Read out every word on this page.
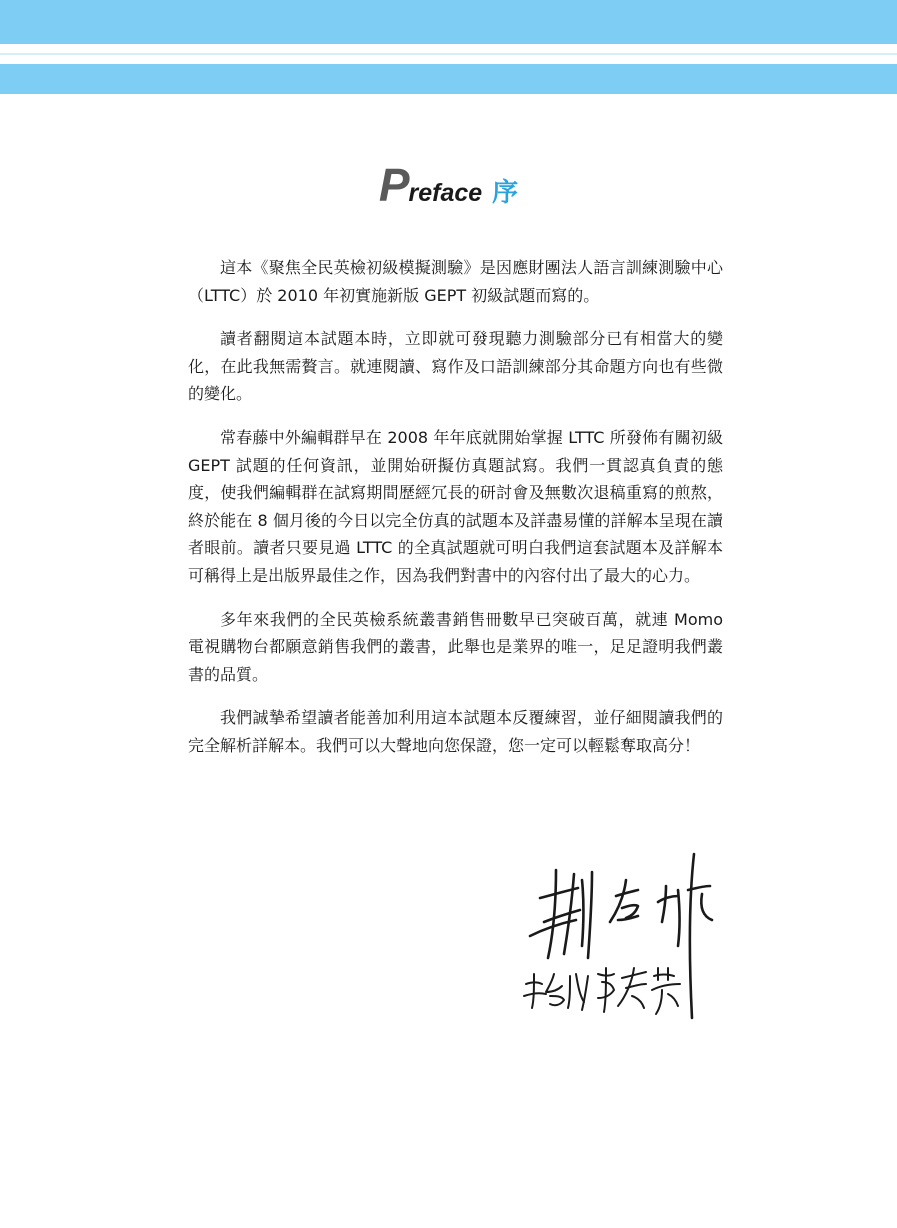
Preface 序

這本《聚焦全民英檢初級模擬測驗》是因應財團法人語言訓練測驗中心（LTTC）於 2010 年初實施新版 GEPT 初級試題而寫的。

讀者翻閱這本試題本時，立即就可發現聽力測驗部分已有相當大的變化，在此我無需贅言。就連閱讀、寫作及口語訓練部分其命題方向也有些微的變化。

常春藤中外編輯群早在 2008 年年底就開始掌握 LTTC 所發佈有關初級 GEPT 試題的任何資訊，並開始研擬仿真題試寫。我們一貫認真負責的態度，使我們編輯群在試寫期間歷經冗長的研討會及無數次退稿重寫的煎熬，終於能在 8 個月後的今日以完全仿真的試題本及詳盡易懂的詳解本呈現在讀者眼前。讀者只要見過 LTTC 的全真試題就可明白我們這套試題本及詳解本可稱得上是出版界最佳之作，因為我們對書中的內容付出了最大的心力。

多年來我們的全民英檢系統叢書銷售冊數早已突破百萬，就連 Momo 電視購物台都願意銷售我們的叢書，此舉也是業界的唯一，足足證明我們叢書的品質。

我們誠摯希望讀者能善加利用這本試題本反覆練習，並仔細閱讀我們的完全解析詳解本。我們可以大聲地向您保證，您一定可以輕鬆奪取高分！
